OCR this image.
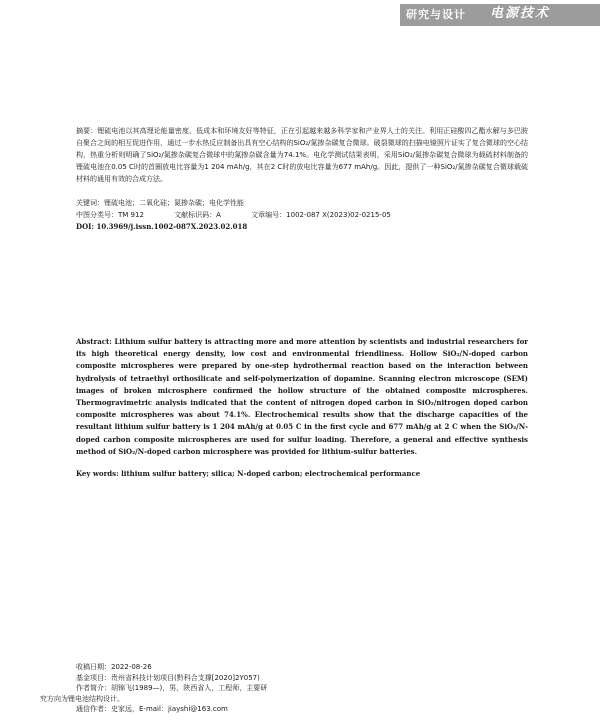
研究与设计 电源技术
摘要：锂硫电池以其高理论能量密度、低成本和环境友好等特征，正在引起越来越多科学家和产业界人士的关注。利用正硅酸四乙酯水解与多巴胺自聚合之间的相互促进作用，通过一步水热反应制备出具有空心结构的SiO₂/氮掺杂碳复合微球。破裂微球的扫描电镜照片证实了复合微球的空心结构，热重分析则明确了SiO₂/氮掺杂碳复合微球中的氮掺杂碳含量为74.1%。电化学测试结果表明，采用SiO₂/氮掺杂碳复合微球为载硫材料制备的锂硫电池在0.05 C时的首圈放电比容量为1 204 mAh/g，其在2 C时的放电比容量为677 mAh/g。因此，提供了一种SiO₂/氮掺杂碳复合微球载硫材料的通用有效的合成方法。
关键词：锂硫电池；二氧化硅；氮掺杂碳；电化学性能
中图分类号：TM 912	文献标识码：A	文章编号：1002-087 X(2023)02-0215-05
DOI: 10.3969/j.issn.1002-087X.2023.02.018
Abstract: Lithium sulfur battery is attracting more and more attention by scientists and industrial researchers for its high theoretical energy density, low cost and environmental friendliness. Hollow SiO₂/N-doped carbon composite microspheres were prepared by one-step hydrothermal reaction based on the interaction between hydrolysis of tetraethyl orthosilicate and self-polymerization of dopamine. Scanning electron microscope (SEM) images of broken microsphere confirmed the hollow structure of the obtained composite microspheres. Thermogravimetric analysis indicated that the content of nitrogen doped carbon in SiO₂/nitrogen doped carbon composite microspheres was about 74.1%. Electrochemical results show that the discharge capacities of the resultant lithium sulfur battery is 1 204 mAh/g at 0.05 C in the first cycle and 677 mAh/g at 2 C when the SiO₂/N-doped carbon composite microspheres are used for sulfur loading. Therefore, a general and effective synthesis method of SiO₂/N-doped carbon microsphere was provided for lithium-sulfur batteries.
Key words: lithium sulfur battery; silica; N-doped carbon; electrochemical performance
收稿日期：2022-08-26
基金项目：贵州省科技计划项目(黔科合支撑[2020]2Y057)
作者简介：胡锦飞(1989—)，男，陕西省人，工程师，主要研
究方向为锂电池结构设计。
通信作者：史家远，E-mail：jiayshi@163.com
